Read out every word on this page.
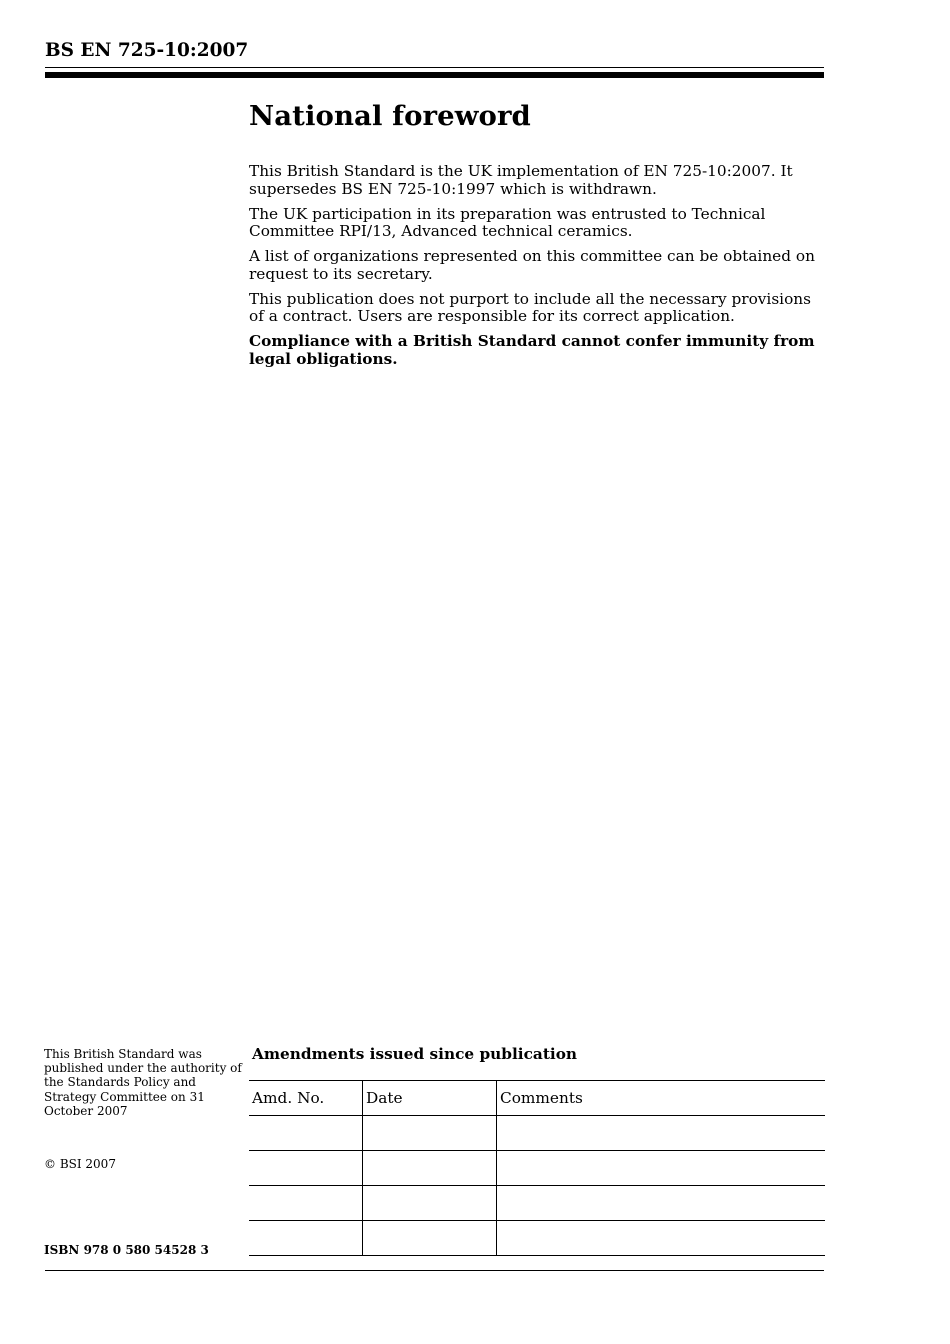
BS EN 725-10:2007
National foreword

This British Standard is the UK implementation of EN 725-10:2007. It supersedes BS EN 725-10:1997 which is withdrawn.

The UK participation in its preparation was entrusted to Technical Committee RPI/13, Advanced technical ceramics.

A list of organizations represented on this committee can be obtained on request to its secretary.

This publication does not purport to include all the necessary provisions of a contract. Users are responsible for its correct application.

Compliance with a British Standard cannot confer immunity from legal obligations.

This British Standard was published under the authority of the Standards Policy and Strategy Committee on 31 October 2007
© BSI 2007
ISBN 978 0 580 54528 3
Amendments issued since publication
Amd. No.	Date	Comments
